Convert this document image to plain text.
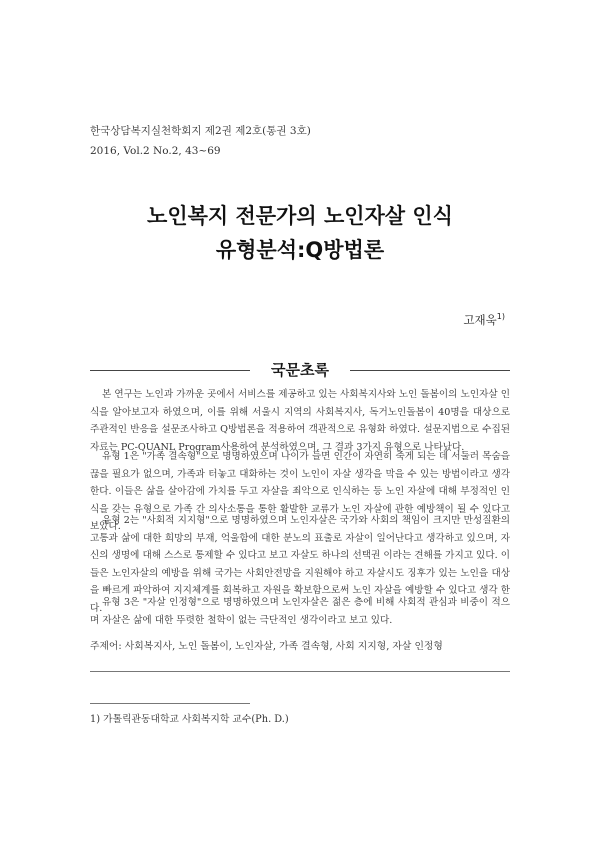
한국상담복지실천학회지 제2권 제2호(통권 3호)
2016, Vol.2 No.2, 43~69
노인복지 전문가의 노인자살 인식
유형분석:Q방법론
고재욱$^{1)}$
국문초록

본 연구는 노인과 가까운 곳에서 서비스를 제공하고 있는 사회복지사와 노인 돌봄이의 노인자살 인식을 알아보고자 하였으며, 이를 위해 서울시 지역의 사회복지사, 독거노인돌봄이 40명을 대상으로 주관적인 반응을 설문조사하고 Q방법론을 적용하여 객관적으로 유형화 하였다. 설문지법으로 수집된 자료는 PC-QUANL Program사용하여 분석하였으며, 그 결과 3가지 유형으로 나타났다.

유형 1은 "가족 결속형"으로 명명하였으며 나이가 들면 인간이 자연히 죽게 되는 데 서둘러 목숨을 끊을 필요가 없으며, 가족과 터놓고 대화하는 것이 노인이 자살 생각을 막을 수 있는 방법이라고 생각한다. 이들은 삶을 살아감에 가치를 두고 자살을 죄악으로 인식하는 등 노인 자살에 대해 부정적인 인식을 갖는 유형으로 가족 간 의사소통을 통한 활발한 교류가 노인 자살에 관한 예방책이 될 수 있다고 보았다.

유형 2는 "사회적 지지형"으로 명명하였으며 노인자살은 국가와 사회의 책임이 크지만 만성질환의 고통과 삶에 대한 희망의 부재, 억울함에 대한 분노의 표출로 자살이 일어난다고 생각하고 있으며, 자신의 생명에 대해 스스로 통제할 수 있다고 보고 자살도 하나의 선택권 이라는 견해를 가지고 있다. 이들은 노인자살의 예방을 위해 국가는 사회안전망을 지원해야 하고 자살시도 징후가 있는 노인을 대상을 빠르게 파악하여 지지체계를 회복하고 자원을 확보함으로써 노인 자살을 예방할 수 있다고 생각 한다. 유형 3은 "자살 인정형"으로 명명하였으며 노인자살은 젊은 층에 비해 사회적 관심과 비중이 적으며 자살은 삶에 대한 뚜렷한 철학이 없는 극단적인 생각이라고 보고 있다.

주제어: 사회복지사, 노인 돌봄이, 노인자살, 가족 결속형, 사회 지지형, 자살 인정형
1) 가톨릭관동대학교 사회복지학 교수(Ph. D.)
